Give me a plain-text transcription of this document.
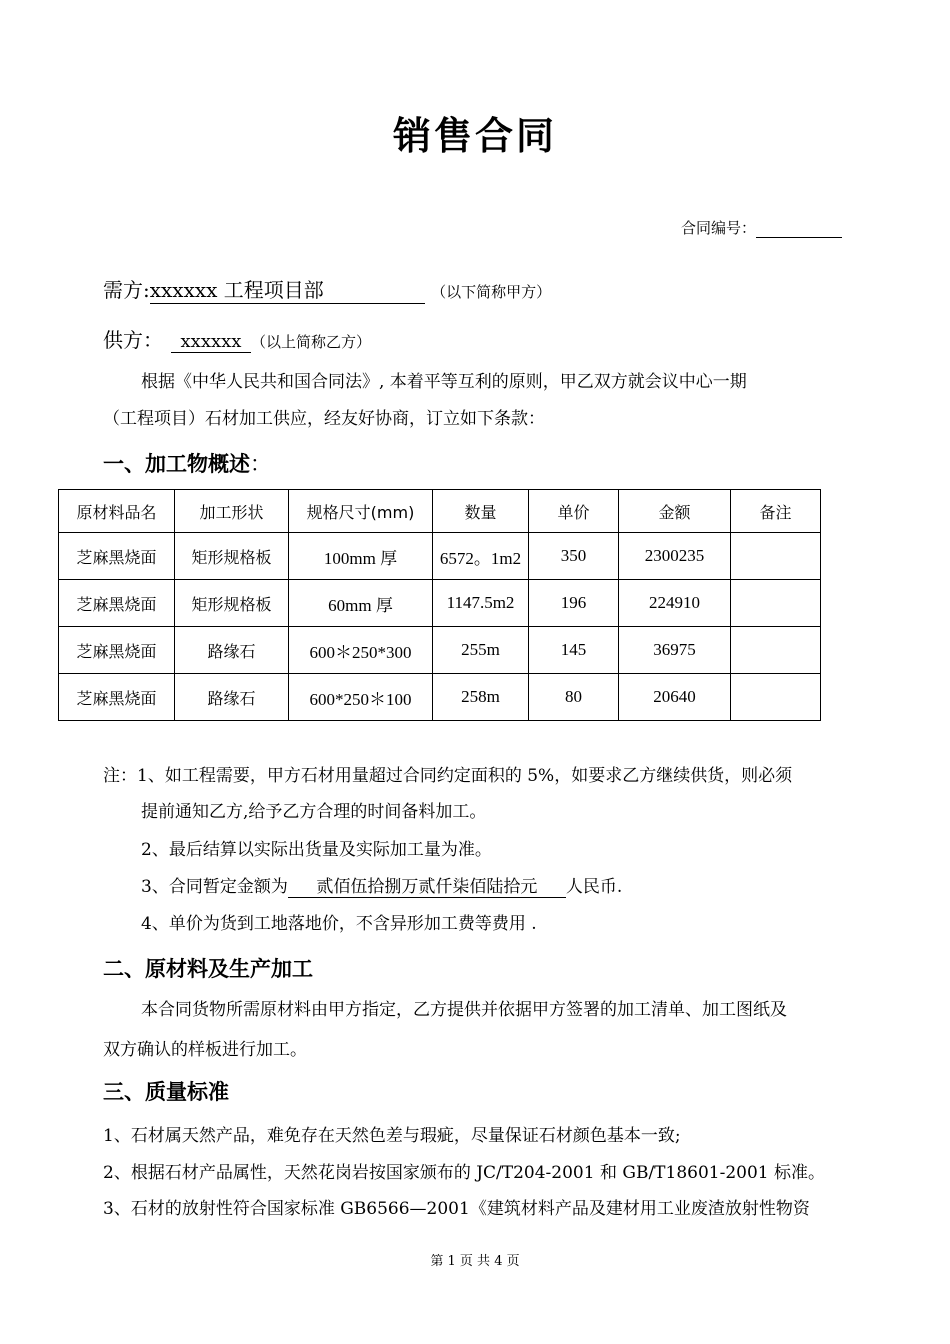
销售合同
合同编号：
需方:xxxxxx 工程项目部	（以下简称甲方）
供方： xxxxxx （以上简称乙方）
根据《中华人民共和国合同法》, 本着平等互利的原则，甲乙双方就会议中心一期
（工程项目）石材加工供应，经友好协商，订立如下条款：
一、加工物概述：
原材料品名	加工形状	规格尺寸(mm)	数量	单价	金额	备注
芝麻黑烧面	矩形规格板	100mm 厚	6572。1m2	350	2300235	
芝麻黑烧面	矩形规格板	60mm 厚	1147.5m2	196	224910	
芝麻黑烧面	路缘石	600＊250*300	255m	145	36975	
芝麻黑烧面	路缘石	600*250＊100	258m	80	20640	
注：1、如工程需要，甲方石材用量超过合同约定面积的 5%，如要求乙方继续供货，则必须
提前通知乙方,给予乙方合理的时间备料加工。
2、最后结算以实际出货量及实际加工量为准。
3、合同暂定金额为 贰佰伍拾捌万贰仟柒佰陆拾元 人民币.
4、单价为货到工地落地价，不含异形加工费等费用 .
二、原材料及生产加工
本合同货物所需原材料由甲方指定，乙方提供并依据甲方签署的加工清单、加工图纸及
双方确认的样板进行加工。
三、质量标准
1、石材属天然产品，难免存在天然色差与瑕疵，尽量保证石材颜色基本一致;
2、根据石材产品属性，天然花岗岩按国家颁布的 JC/T204-2001 和 GB/T18601-2001 标准。
3、石材的放射性符合国家标准 GB6566—2001《建筑材料产品及建材用工业废渣放射性物资
第 1 页 共 4 页
